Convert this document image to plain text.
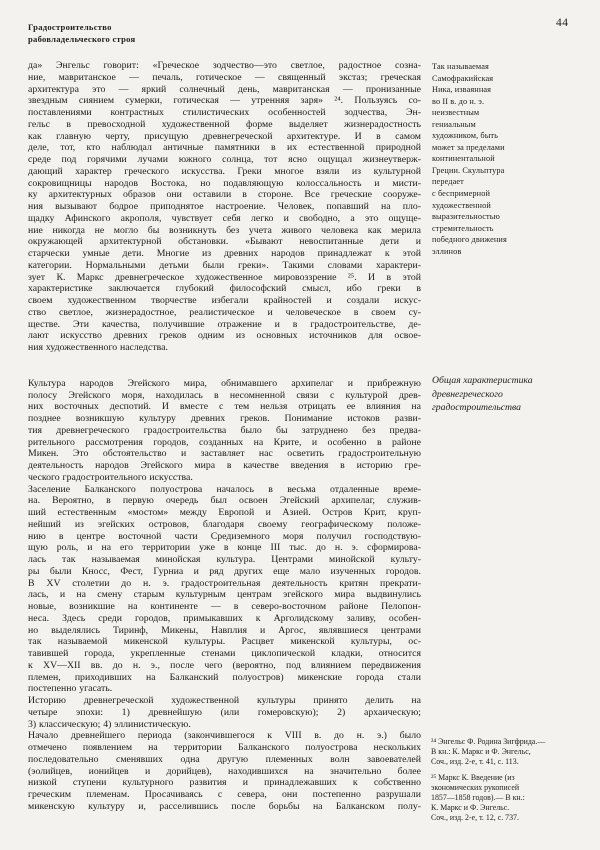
Градостроительство
рабовладельческого строя
44
да» Энгельс говорит: «Греческое зодчество—это светлое, радостное созна-
ние, мавританское — печаль, готическое — священный экстаз; греческая
архитектура это — яркий солнечный день, мавританская — пронизанные
звездным сиянием сумерки, готическая — утренняя заря» ²⁴. Пользуясь со-
поставлениями контрастных стилистических особенностей зодчества, Эн-
гельс в превосходной художественной форме выделяет жизнерадостность
как главную черту, присущую древнегреческой архитектуре. И в самом
деле, тот, кто наблюдал античные памятники в их естественной природной
среде под горячими лучами южного солнца, тот ясно ощущал жизнеутверж-
дающий характер греческого искусства. Греки многое взяли из культурной
сокровищницы народов Востока, но подавляющую колоссальность и мисти-
ку архитектурных образов они оставили в стороне. Все греческие сооруже-
ния вызывают бодрое приподнятое настроение. Человек, попавший на пло-
щадку Афинского акрополя, чувствует себя легко и свободно, а это ощуще-
ние никогда не могло бы возникнуть без учета живого человека как мерила
окружающей архитектурной обстановки. «Бывают невоспитанные дети и
старчески умные дети. Многие из древних народов принадлежат к этой
категории. Нормальными детьми были греки». Такими словами характери-
зует К. Маркс древнегреческое художественное мировоззрение ²⁵. И в этой
характеристике заключается глубокий философский смысл, ибо греки в
своем художественном творчестве избегали крайностей и создали искус-
ство светлое, жизнерадостное, реалистическое и человеческое в своем су-
ществе. Эти качества, получившие отражение и в градостроительстве, де-
лают искусство древних греков одним из основных источников для освое-
ния художественного наследства.
Культура народов Эгейского мира, обнимавшего архипелаг и прибрежную
полосу Эгейского моря, находилась в несомненной связи с культурой древ-
них восточных деспотий. И вместе с тем нельзя отрицать ее влияния на
позднее возникшую культуру древних греков. Понимание истоков разви-
тия древнегреческого градостроительства было бы затруднено без предва-
рительного рассмотрения городов, созданных на Крите, и особенно в районе
Микен. Это обстоятельство и заставляет нас осветить градостроительную
деятельность народов Эгейского мира в качестве введения в историю гре-
ческого градостроительного искусства.
Заселение Балканского полуострова началось в весьма отдаленные време-
на. Вероятно, в первую очередь был освоен Эгейский архипелаг, служив-
ший естественным «мостом» между Европой и Азией. Остров Крит, круп-
нейший из эгейских островов, благодаря своему географическому положе-
нию в центре восточной части Средиземного моря получил господствую-
щую роль, и на его территории уже в конце III тыс. до н. э. сформирова-
лась так называемая минойская культура. Центрами минойской культу-
ры были Кносс, Фест, Гурниа и ряд других еще мало изученных городов.
В XV столетии до н. э. градостроительная деятельность критян прекрати-
лась, и на смену старым культурным центрам эгейского мира выдвинулись
новые, возникшие на континенте — в северо-восточном районе Пелопон-
неса. Здесь среди городов, примыкавших к Арголидскому заливу, особен-
но выделялись Тиринф, Микены, Навплия и Аргос, являвшиеся центрами
так называемой микенской культуры. Расцвет микенской культуры, ос-
тавившей города, укрепленные стенами циклопической кладки, относится
к XV—XII вв. до н. э., после чего (вероятно, под влиянием передвижения
племен, приходивших на Балканский полуостров) микенские города стали
постепенно угасать.
Историю древнегреческой художественной культуры принято делить на
четыре эпохи: 1) древнейшую (или гомеровскую); 2) архаическую;
3) классическую; 4) эллинистическую.
Начало древнейшего периода (закончившегося к VIII в. до н. э.) было
отмечено появлением на территории Балканского полуострова нескольких
последовательно сменявших одна другую племенных волн завоевателей
(эолийцев, ионийцев и дорийцев), находившихся на значительно более
низкой ступени культурного развития и принадлежавших к собственно
греческим племенам. Просачиваясь с севера, они постепенно разрушали
микенскую культуру и, расселившись после борьбы на Балканском полу-
Так называемая
Самофракийская
Ника, изваянная
во II в. до н. э.
неизвестным
гениальным
художником, быть
может за пределами
континентальной
Греции. Скульптура
передает
с беспримерной
художественной
выразительностью
стремительность
победного движения
эллинов
Общая характеристика
древнегреческого
градостроительства
²⁴ Энгельс Ф. Родина Зигфрида.—
В кн.: К. Маркс и Ф. Энгельс,
Соч., изд. 2-е, т. 41, с. 113.
²⁵ Маркс К. Введение (из
экономических рукописей
1857—1858 годов).— В кн.:
К. Маркс и Ф. Энгельс.
Соч., изд. 2-е, т. 12, с. 737.
